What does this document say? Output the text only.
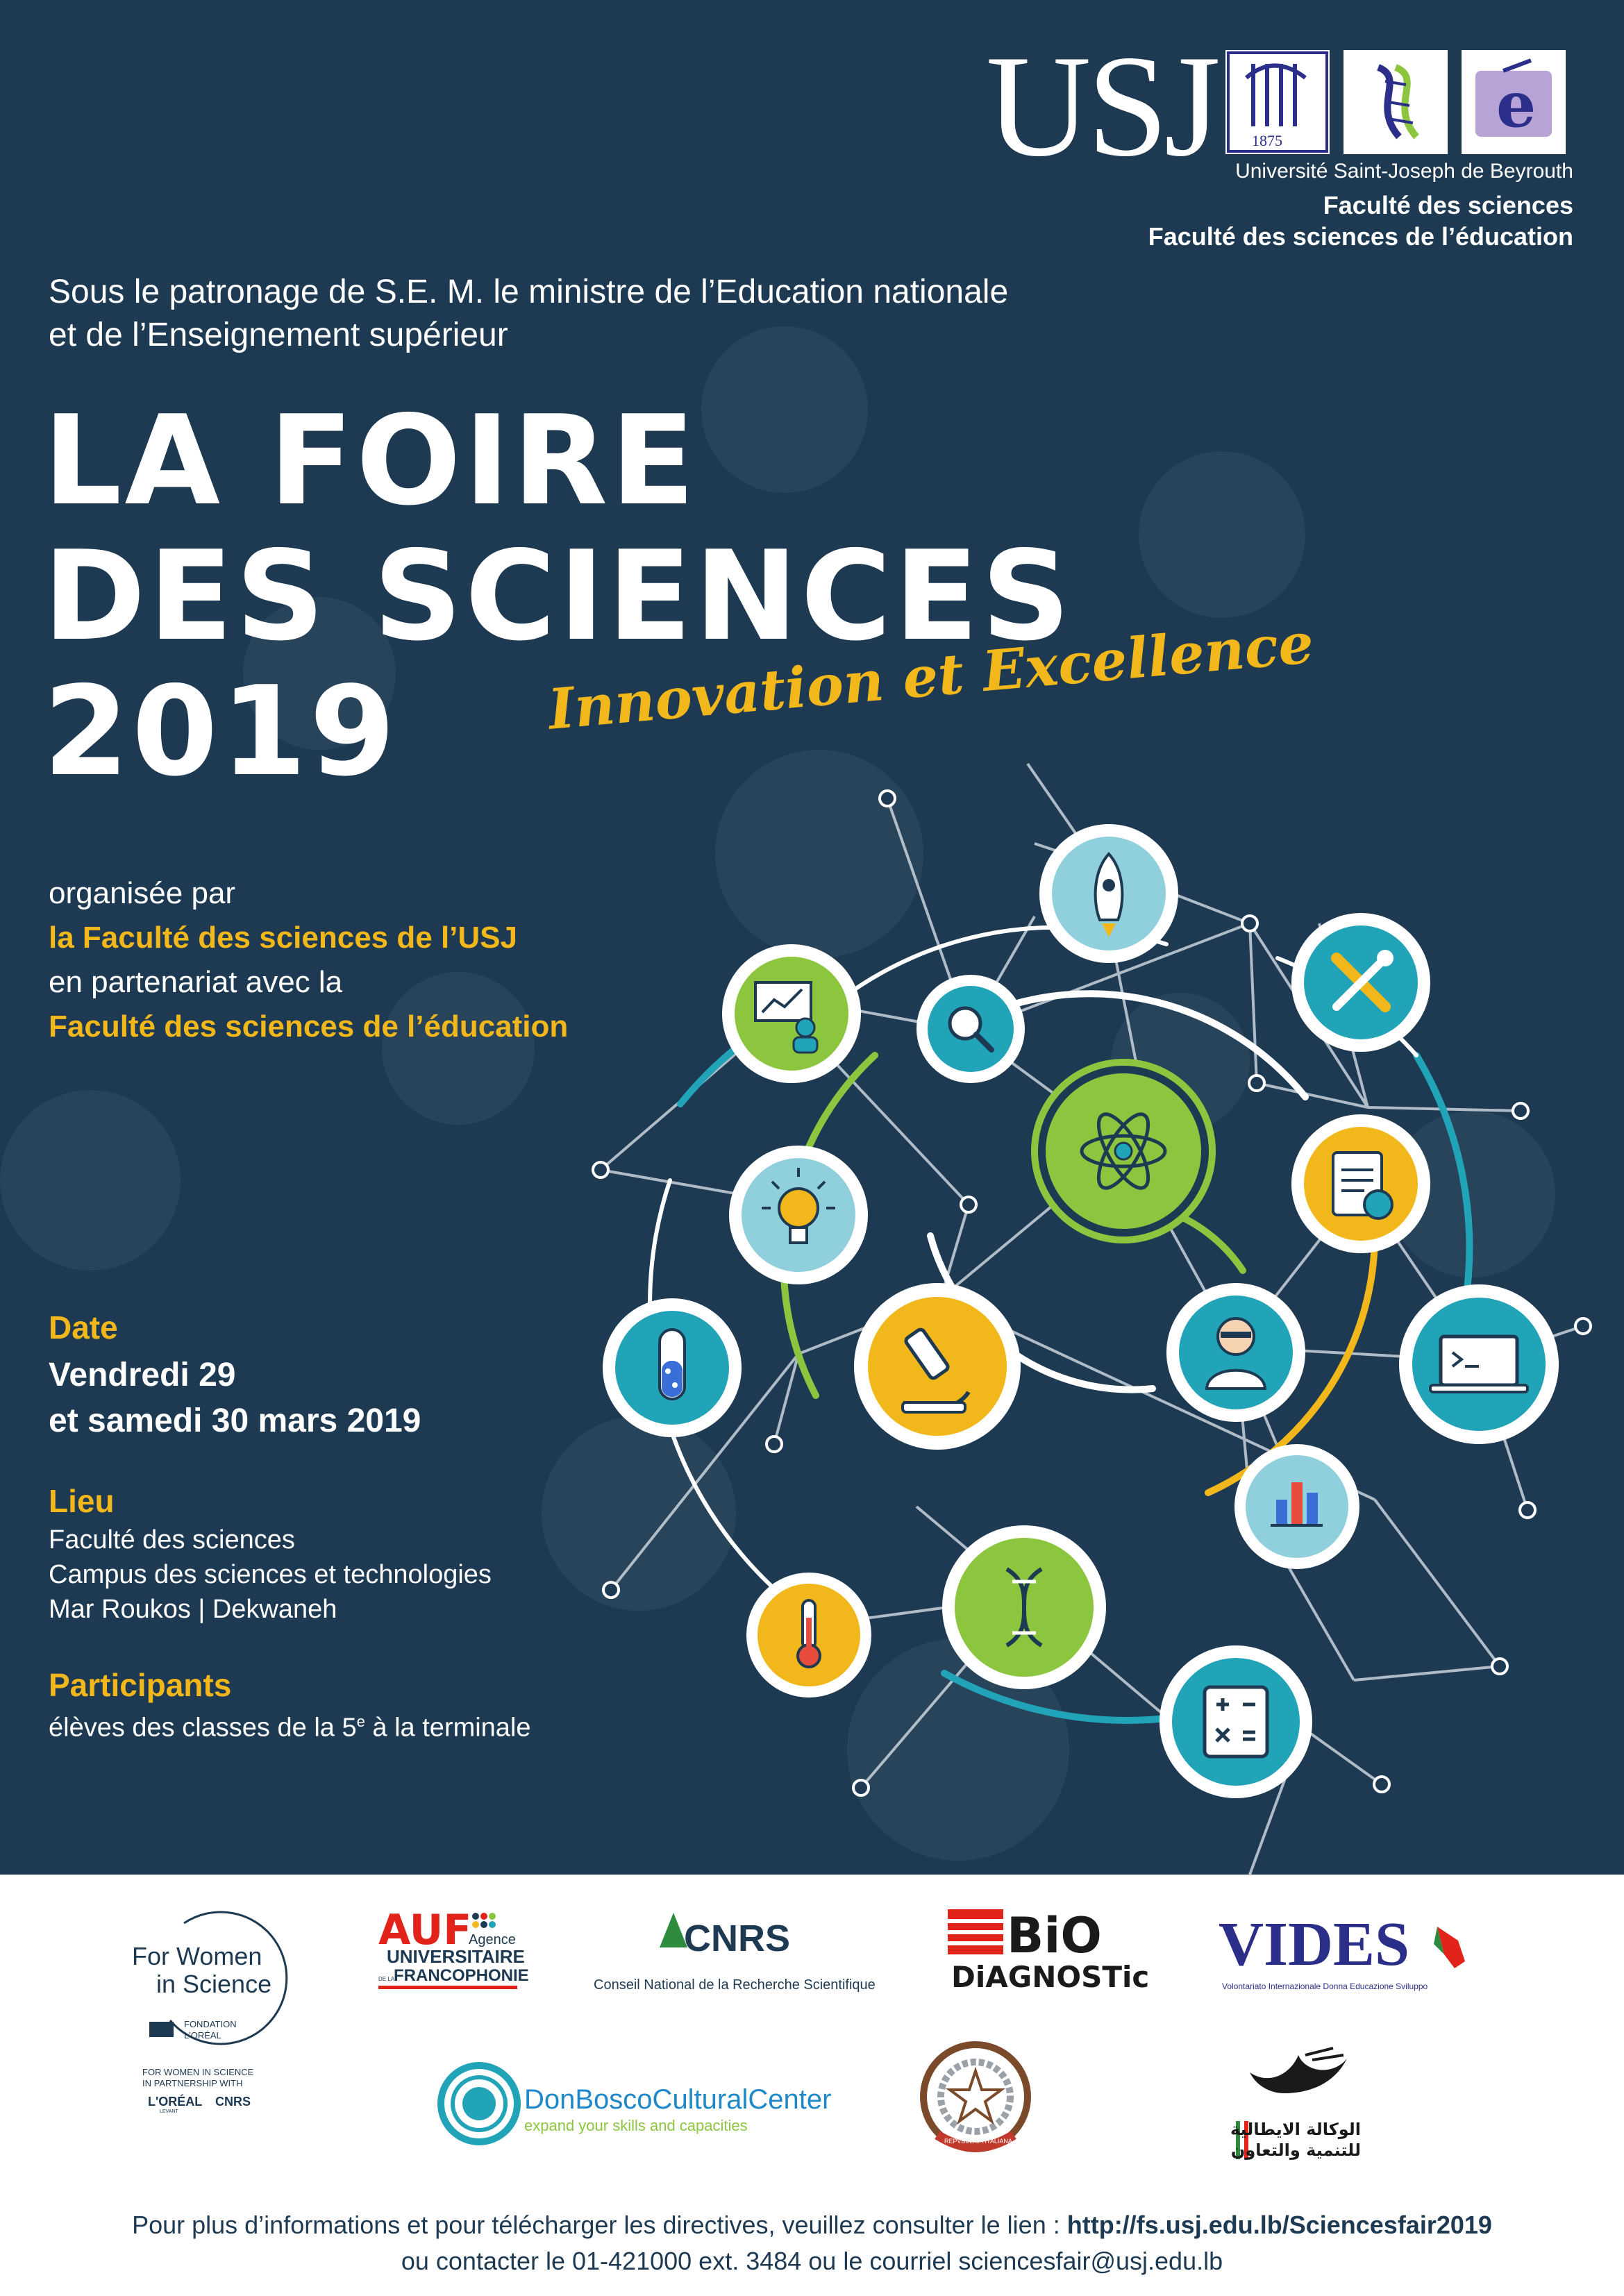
USJ 1875	e
Université Saint-Joseph de Beyrouth
Faculté des sciences
Faculté des sciences de l’éducation
Sous le patronage de S.E. M. le ministre de l’Education nationale
et de l’Enseignement supérieur
LA FOIRE
DES SCIENCES
2019	Innovation et Excellence
organisée par
la Faculté des sciences de l’USJ
en partenariat avec la
Faculté des sciences de l’éducation
Date
Vendredi 29
et samedi 30 mars 2019
Lieu
Faculté des sciences
Campus des sciences et technologies
Mar Roukos | Dekwaneh
Participants
élèves des classes de la 5e à la terminale
For Women
in Science
FONDATION
L'ORÉAL
AUF
Agence
UNIVERSITAIRE
DE LA
FRANCOPHONIE
CNRS
Conseil National de la Recherche Scientifique
BiO
DiAGNOSTic VIDES
Volontariato Internazionale Donna Educazione Sviluppo
FOR WOMEN IN SCIENCE
IN PARTNERSHIP WITH
L'ORÉAL
LEVANT
CNRS	DonBoscoCulturalCenter
expand your skills and capacities
REPVBBLICA ITALIANA
الوكالة الايطالية
للتنمية والتعاون
Pour plus d’informations et pour télécharger les directives, veuillez consulter le lien : http://fs.usj.edu.lb/Sciencesfair2019
ou contacter le 01-421000 ext. 3484 ou le courriel sciencesfair@usj.edu.lb
